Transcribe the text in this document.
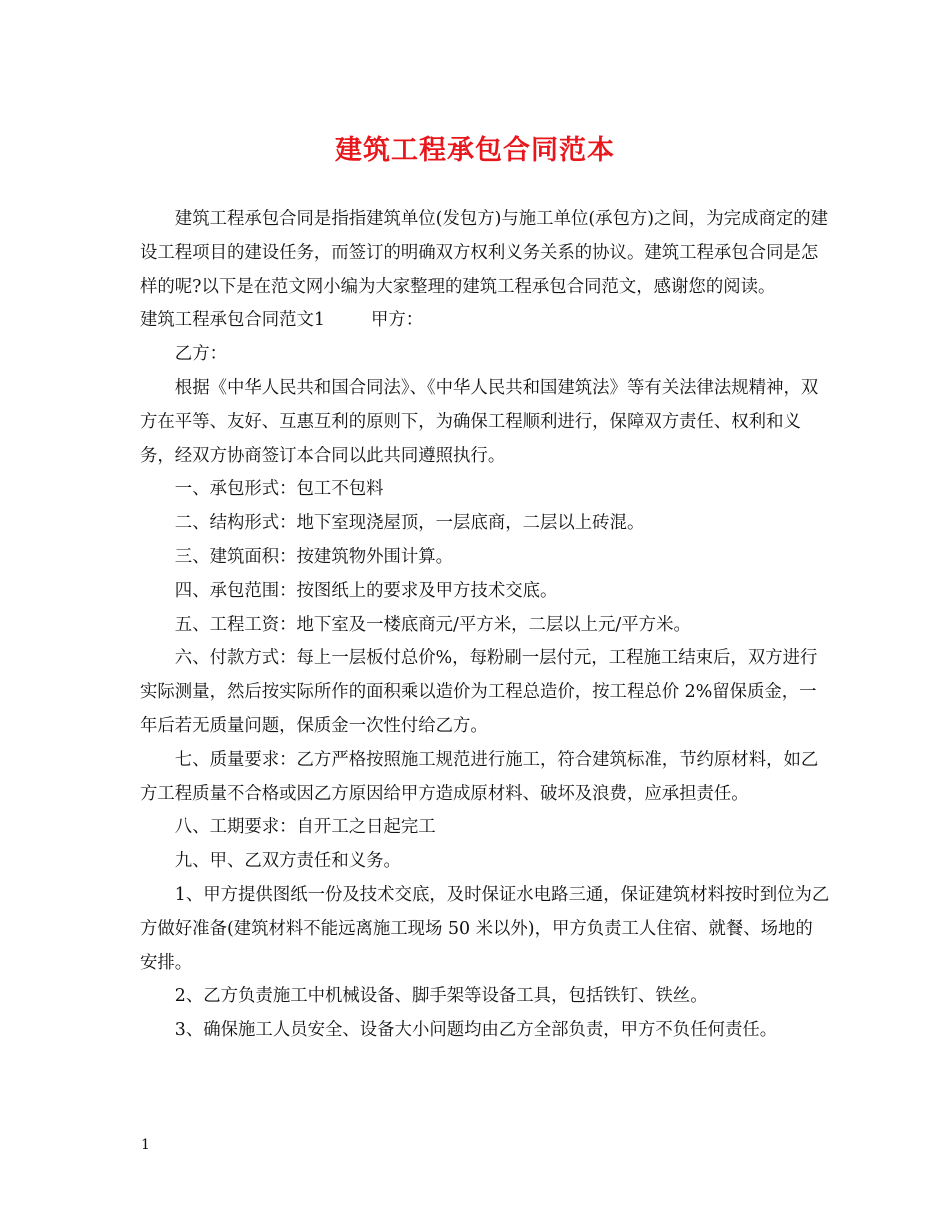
建筑工程承包合同范本

建筑工程承包合同是指指建筑单位(发包方)与施工单位(承包方)之间，为完成商定的建设工程项目的建设任务，而签订的明确双方权利义务关系的协议。建筑工程承包合同是怎样的呢?以下是在范文网小编为大家整理的建筑工程承包合同范文，感谢您的阅读。

建筑工程承包合同范文1	甲方：

乙方：

根据《中华人民共和国合同法》、《中华人民共和国建筑法》等有关法律法规精神，双方在平等、友好、互惠互利的原则下，为确保工程顺利进行，保障双方责任、权利和义务，经双方协商签订本合同以此共同遵照执行。

一、承包形式：包工不包料

二、结构形式：地下室现浇屋顶，一层底商，二层以上砖混。

三、建筑面积：按建筑物外围计算。

四、承包范围：按图纸上的要求及甲方技术交底。

五、工程工资：地下室及一楼底商元/平方米，二层以上元/平方米。

六、付款方式：每上一层板付总价%，每粉刷一层付元，工程施工结束后，双方进行实际测量，然后按实际所作的面积乘以造价为工程总造价，按工程总价 2%留保质金，一年后若无质量问题，保质金一次性付给乙方。

七、质量要求：乙方严格按照施工规范进行施工，符合建筑标准，节约原材料，如乙方工程质量不合格或因乙方原因给甲方造成原材料、破坏及浪费，应承担责任。

八、工期要求：自开工之日起完工

九、甲、乙双方责任和义务。

1、甲方提供图纸一份及技术交底，及时保证水电路三通，保证建筑材料按时到位为乙方做好准备(建筑材料不能远离施工现场 50 米以外)，甲方负责工人住宿、就餐、场地的安排。

2、乙方负责施工中机械设备、脚手架等设备工具，包括铁钉、铁丝。

3、确保施工人员安全、设备大小问题均由乙方全部负责，甲方不负任何责任。

1
